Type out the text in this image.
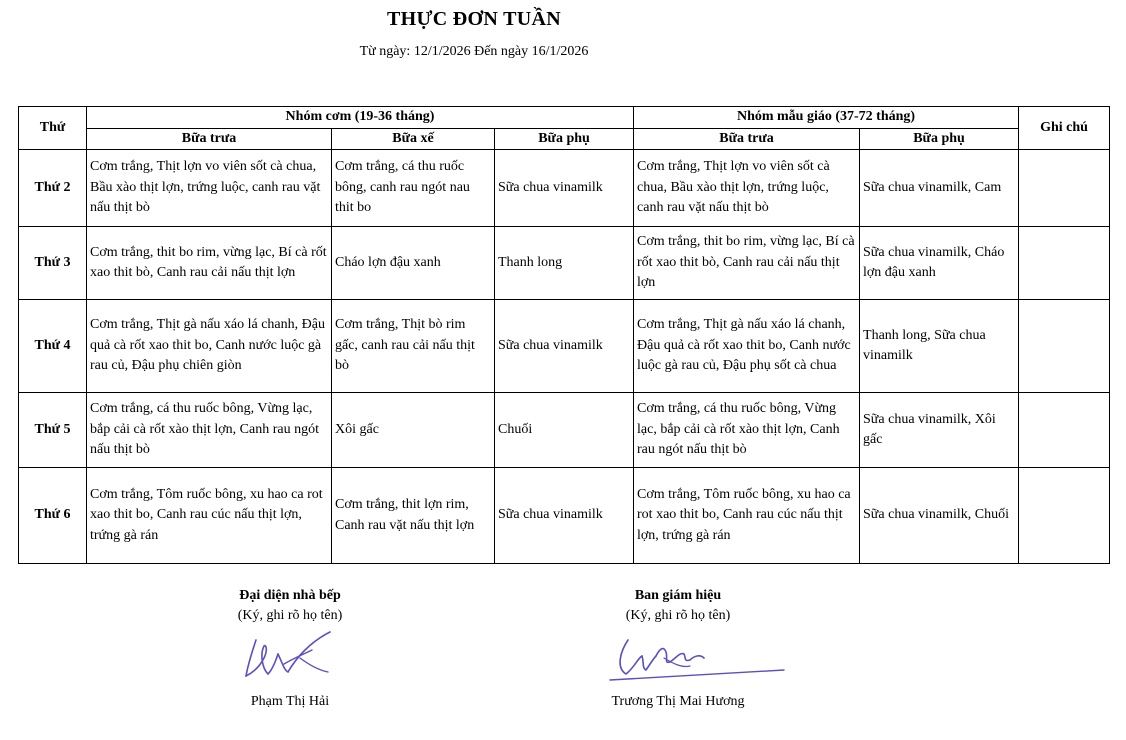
THỰC ĐƠN TUẦN
Từ ngày: 12/1/2026 Đến ngày 16/1/2026
Thứ	Nhóm cơm (19-36 tháng)			Nhóm mẫu giáo (37-72 tháng)		Ghi chú
	Bữa trưa	Bữa xế	Bữa phụ	Bữa trưa	Bữa phụ	
Thứ 2	Cơm trắng, Thịt lợn vo viên sốt cà chua, Bầu xào thịt lợn, trứng luộc, canh rau vặt nấu thịt bò	Cơm trắng, cá thu ruốc bông, canh rau ngót nau thit bo	Sữa chua vinamilk	Cơm trắng, Thịt lợn vo viên sốt cà chua, Bầu xào thịt lợn, trứng luộc, canh rau vặt nấu thịt bò	Sữa chua vinamilk, Cam	
Thứ 3	Cơm trắng, thit bo rim, vừng lạc, Bí cà rốt xao thit bò, Canh rau cải nấu thịt lợn	Cháo lợn đậu xanh	Thanh long	Cơm trắng, thit bo rim, vừng lạc, Bí cà rốt xao thit bò, Canh rau cải nấu thịt lợn	Sữa chua vinamilk, Cháo lợn đậu xanh	
Thứ 4	Cơm trắng, Thịt gà nấu xáo lá chanh, Đậu quả cà rốt xao thit bo, Canh nước luộc gà rau củ, Đậu phụ chiên giòn	Cơm trắng, Thịt bò rim gấc, canh rau cải nấu thịt bò	Sữa chua vinamilk	Cơm trắng, Thịt gà nấu xáo lá chanh, Đậu quả cà rốt xao thit bo, Canh nước luộc gà rau củ, Đậu phụ sốt cà chua	Thanh long, Sữa chua vinamilk	
Thứ 5	Cơm trắng, cá thu ruốc bông, Vừng lạc, bắp cải cà rốt xào thịt lợn, Canh rau ngót nấu thịt bò	Xôi gấc	Chuối	Cơm trắng, cá thu ruốc bông, Vừng lạc, bắp cải cà rốt xào thịt lợn, Canh rau ngót nấu thịt bò	Sữa chua vinamilk, Xôi gấc	
Thứ 6	Cơm trắng, Tôm ruốc bông, xu hao ca rot xao thit bo, Canh rau cúc nấu thịt lợn, trứng gà rán	Cơm trắng, thit lợn rim, Canh rau vặt nấu thịt lợn	Sữa chua vinamilk	Cơm trắng, Tôm ruốc bông, xu hao ca rot xao thit bo, Canh rau cúc nấu thịt lợn, trứng gà rán	Sữa chua vinamilk, Chuối	
Đại diện nhà bếp
(Ký, ghi rõ họ tên)
Phạm Thị Hải
Ban giám hiệu
(Ký, ghi rõ họ tên)
Trương Thị Mai Hương
